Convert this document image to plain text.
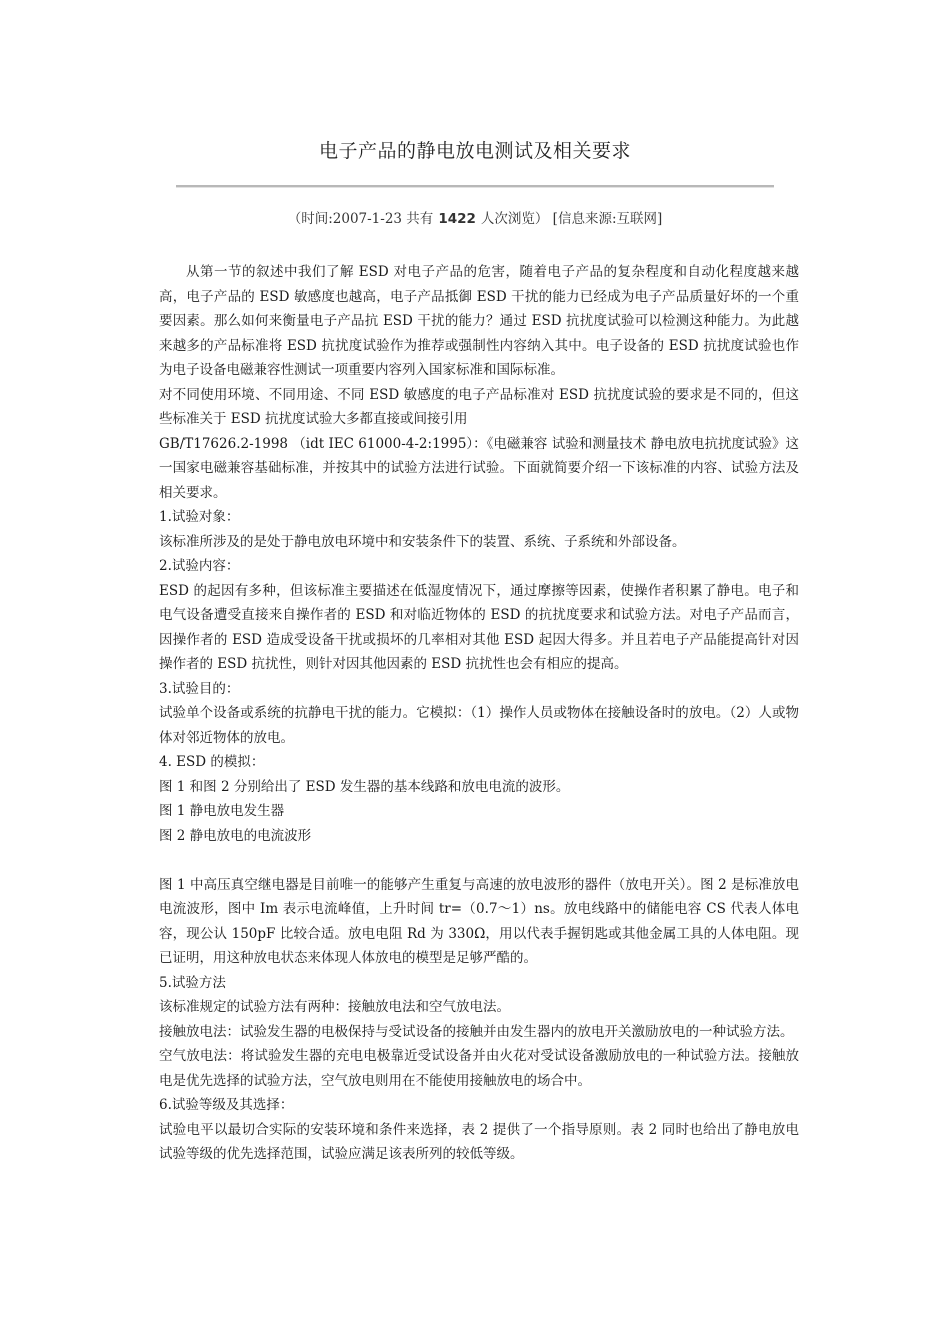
电子产品的静电放电测试及相关要求
（时间:2007-1-23 共有 1422 人次浏览） [信息来源:互联网]

从第一节的叙述中我们了解 ESD 对电子产品的危害，随着电子产品的复杂程度和自动化程度越来越高，电子产品的 ESD 敏感度也越高，电子产品抵御 ESD 干扰的能力已经成为电子产品质量好坏的一个重要因素。那么如何来衡量电子产品抗 ESD 干扰的能力？通过 ESD 抗扰度试验可以检测这种能力。为此越来越多的产品标准将 ESD 抗扰度试验作为推荐或强制性内容纳入其中。电子设备的 ESD 抗扰度试验也作为电子设备电磁兼容性测试一项重要内容列入国家标准和国际标准。

对不同使用环境、不同用途、不同 ESD 敏感度的电子产品标准对 ESD 抗扰度试验的要求是不同的，但这些标准关于 ESD 抗扰度试验大多都直接或间接引用

GB/T17626.2-1998 （idt IEC 61000-4-2:1995）：《电磁兼容 试验和测量技术 静电放电抗扰度试验》这一国家电磁兼容基础标准，并按其中的试验方法进行试验。下面就简要介绍一下该标准的内容、试验方法及相关要求。

1.试验对象：

该标准所涉及的是处于静电放电环境中和安装条件下的装置、系统、子系统和外部设备。

2.试验内容：

ESD 的起因有多种，但该标准主要描述在低湿度情况下，通过摩擦等因素，使操作者积累了静电。电子和电气设备遭受直接来自操作者的 ESD 和对临近物体的 ESD 的抗扰度要求和试验方法。对电子产品而言，因操作者的 ESD 造成受设备干扰或损坏的几率相对其他 ESD 起因大得多。并且若电子产品能提高针对因操作者的 ESD 抗扰性，则针对因其他因素的 ESD 抗扰性也会有相应的提高。

3.试验目的：

试验单个设备或系统的抗静电干扰的能力。它模拟：（1）操作人员或物体在接触设备时的放电。（2）人或物体对邻近物体的放电。

4. ESD 的模拟：

图 1 和图 2 分别给出了 ESD 发生器的基本线路和放电电流的波形。

图 1 静电放电发生器

图 2 静电放电的电流波形

图 1 中高压真空继电器是目前唯一的能够产生重复与高速的放电波形的器件（放电开关）。图 2 是标准放电电流波形，图中 Im 表示电流峰值，上升时间 tr=（0.7～1）ns。放电线路中的储能电容 CS 代表人体电容，现公认 150pF 比较合适。放电电阻 Rd 为 330Ω，用以代表手握钥匙或其他金属工具的人体电阻。现已证明，用这种放电状态来体现人体放电的模型是足够严酷的。

5.试验方法

该标准规定的试验方法有两种：接触放电法和空气放电法。

接触放电法：试验发生器的电极保持与受试设备的接触并由发生器内的放电开关激励放电的一种试验方法。

空气放电法：将试验发生器的充电电极靠近受试设备并由火花对受试设备激励放电的一种试验方法。接触放电是优先选择的试验方法，空气放电则用在不能使用接触放电的场合中。

6.试验等级及其选择：

试验电平以最切合实际的安装环境和条件来选择，表 2 提供了一个指导原则。表 2 同时也给出了静电放电试验等级的优先选择范围，试验应满足该表所列的较低等级。
